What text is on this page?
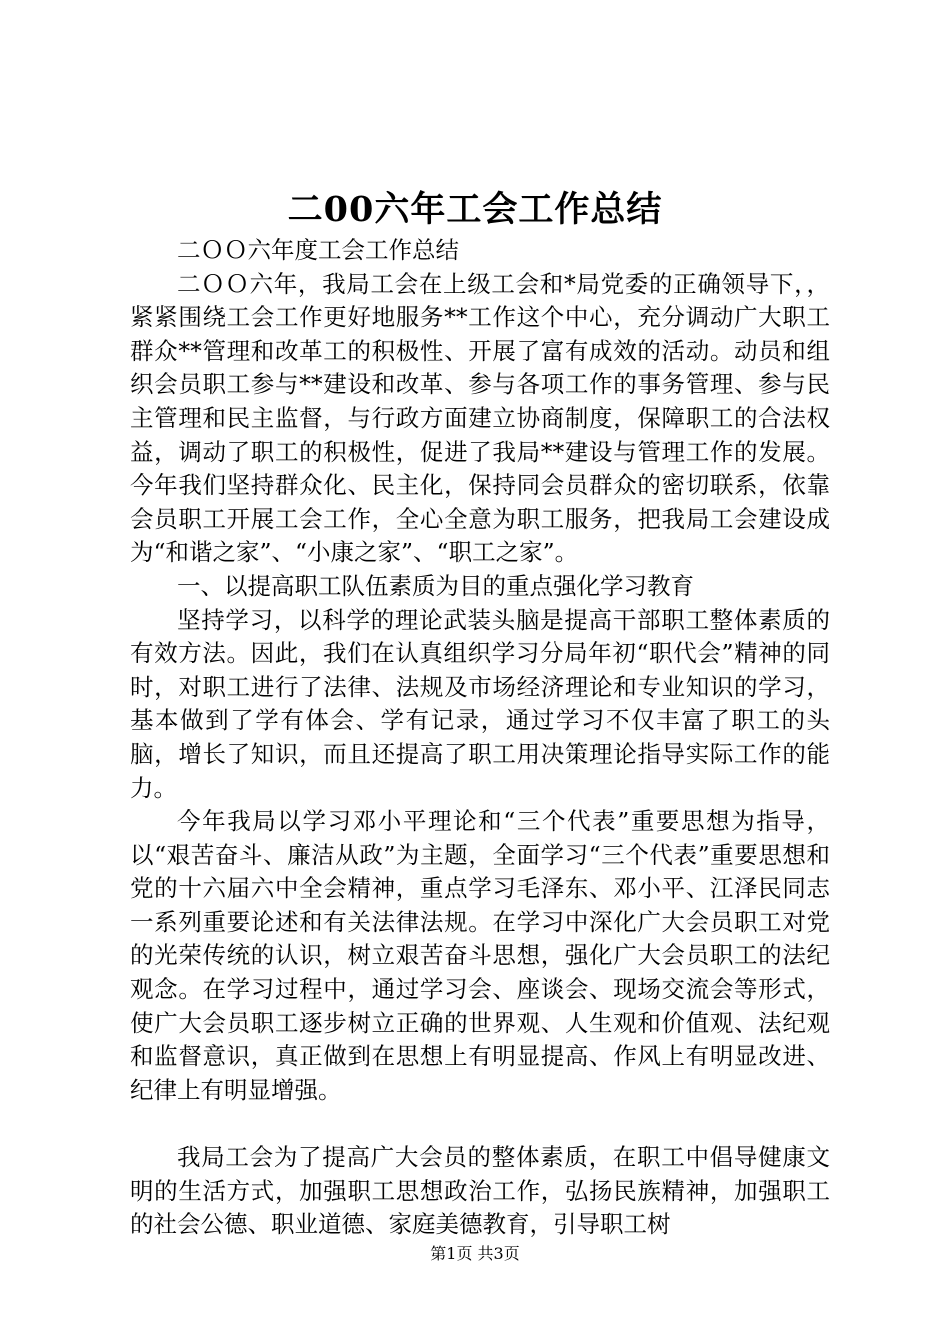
二00六年工会工作总结

二ＯＯ六年度工会工作总结

二ＯＯ六年，我局工会在上级工会和*局党委的正确领导下，，紧紧围绕工会工作更好地服务**工作这个中心，充分调动广大职工群众**管理和改革工的积极性、开展了富有成效的活动。动员和组织会员职工参与**建设和改革、参与各项工作的事务管理、参与民主管理和民主监督，与行政方面建立协商制度，保障职工的合法权益，调动了职工的积极性，促进了我局**建设与管理工作的发展。今年我们坚持群众化、民主化，保持同会员群众的密切联系，依靠会员职工开展工会工作，全心全意为职工服务，把我局工会建设成为“和谐之家”、“小康之家”、“职工之家”。

一、以提高职工队伍素质为目的重点强化学习教育

坚持学习，以科学的理论武装头脑是提高干部职工整体素质的有效方法。因此，我们在认真组织学习分局年初“职代会”精神的同时，对职工进行了法律、法规及市场经济理论和专业知识的学习，基本做到了学有体会、学有记录，通过学习不仅丰富了职工的头脑，增长了知识，而且还提高了职工用决策理论指导实际工作的能力。

今年我局以学习邓小平理论和“三个代表”重要思想为指导，以“艰苦奋斗、廉洁从政”为主题，全面学习“三个代表”重要思想和党的十六届六中全会精神，重点学习毛泽东、邓小平、江泽民同志一系列重要论述和有关法律法规。在学习中深化广大会员职工对党的光荣传统的认识，树立艰苦奋斗思想，强化广大会员职工的法纪观念。在学习过程中，通过学习会、座谈会、现场交流会等形式，使广大会员职工逐步树立正确的世界观、人生观和价值观、法纪观和监督意识，真正做到在思想上有明显提高、作风上有明显改进、纪律上有明显增强。

我局工会为了提高广大会员的整体素质，在职工中倡导健康文明的生活方式，加强职工思想政治工作，弘扬民族精神，加强职工的社会公德、职业道德、家庭美德教育，引导职工树

第1页 共3页
